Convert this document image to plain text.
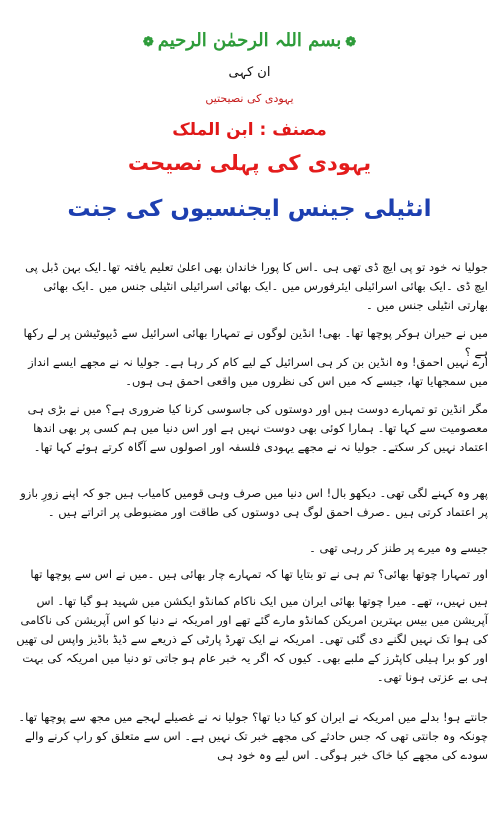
❁بسم اللہ الرحمٰن الرحیم❁
ان کہی
یہودی کی نصیحتیں
مصنف : ابن الملک
یہودی کی پہلی نصیحت
انٹیلی جینس ایجنسیوں کی جنت

جولیا نہ خود تو پی ایچ ڈی تھی ہی ۔اس کا پورا خاندان بھی اعلیٰ تعلیم یافتہ تھا۔ایک بہن ڈبل پی ایچ ڈی ۔ایک بھائی اسرائیلی ایئرفورس میں ۔ایک بھائی اسرائیلی انٹیلی جنس میں ۔ایک بھائی بھارتی انٹیلی جنس میں ۔

میں نے حیران ہوکر پوچھا تھا۔ بھی! انڈین لوگوں نے تمہارا بھائی اسرائیل سے ڈیپوٹیشن پر لے رکھا ہے ؟

ارے نہیں احمق! وہ انڈین بن کر ہی اسرائیل کے لیے کام کر رہا ہے۔ جولیا نہ نے مجھے ایسے انداز میں سمجھایا تھا، جیسے کہ میں اس کی نظروں میں واقعی احمق ہی ہوں۔

مگر انڈین تو تمہارے دوست ہیں اور دوستوں کی جاسوسی کرنا کیا ضروری ہے؟ میں نے بڑی ہی معصومیت سے کہا تھا۔ ہمارا کوئی بھی دوست نہیں ہے اور اس دنیا میں ہم کسی پر بھی اندھا اعتماد نہیں کر سکتے۔ جولیا نہ نے مجھے یہودی فلسفہ اور اصولوں سے آگاہ کرتے ہوئے کہا تھا۔

پھر وہ کہنے لگی تھی۔ دیکھو بال! اس دنیا میں صرف وہی قومیں کامیاب ہیں جو کہ اپنے زورِ بازو پر اعتماد کرتی ہیں ۔صرف احمق لوگ ہی دوستوں کی طاقت اور مضبوطی پر اتراتے ہیں ۔

جیسے وہ میرے پر طنز کر رہی تھی ۔

اور تمہارا چوتھا بھائی؟ تم ہی نے تو بتایا تھا کہ تمہارے چار بھائی ہیں ۔میں نے اس سے پوچھا تھا

ہیں نہیں،، تھے۔ میرا چوتھا بھائی ایران میں ایک ناکام کمانڈو ایکشن میں شہید ہو گیا تھا۔ اس آپریشن میں بیس بہترین امریکن کمانڈو مارے گئے تھے اور امریکہ نے دنیا کو اس آپریشن کی ناکامی کی ہوا تک نہیں لگنے دی گئی تھی۔ امریکہ نے ایک تھرڈ پارٹی کے ذریعے سے ڈیڈ باڈیز واپس لی تھیں اور کو برا ہیلی کاپٹرز کے ملبے بھی۔ کیوں کہ اگر یہ خبر عام ہو جاتی تو دنیا میں امریکہ کی بہت ہی بے عزتی ہونا تھی۔

جانتے ہو! بدلے میں امریکہ نے ایران کو کیا دیا تھا؟ جولیا نہ نے غصیلے لہجے میں مجھ سے پوچھا تھا۔ چونکہ وہ جانتی تھی کہ جس حادثے کی مجھے خبر تک نہیں ہے۔ اس سے متعلق کو راپ کرنے والے سودے کی مجھے کیا خاک خبر ہوگی۔ اس لیے وہ خود ہی
